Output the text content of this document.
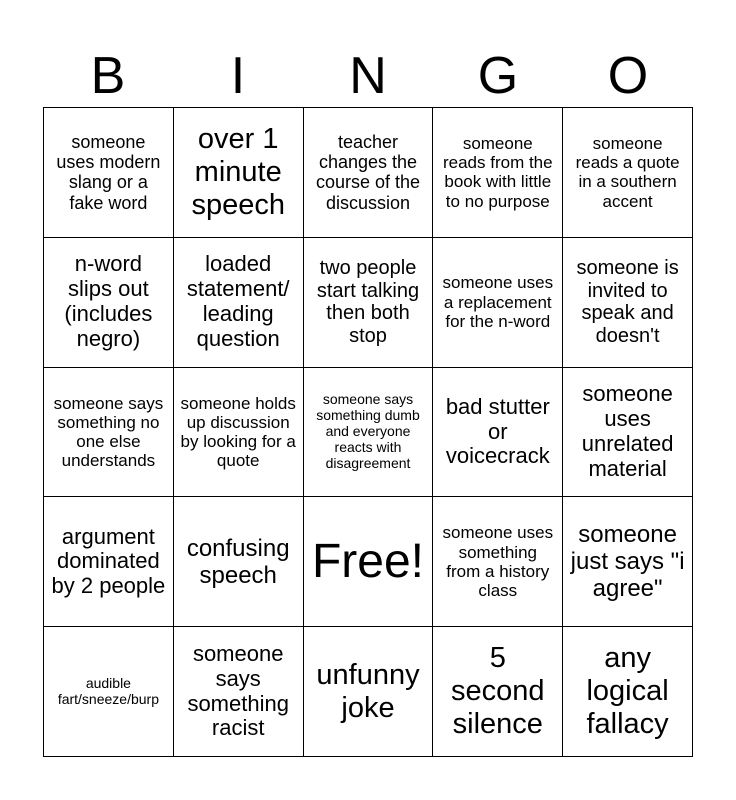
B	I	N	G	O
someone uses modern slang or a fake word
over 1 minute speech
teacher changes the course of the discussion
someone reads from the book with little to no purpose
someone reads a quote in a southern accent
n-word slips out (includes negro)
loaded statement/ leading question
two people start talking then both stop
someone uses a replacement for the n-word
someone is invited to speak and doesn't
someone says something no one else understands
someone holds up discussion by looking for a quote
someone says something dumb and everyone reacts with disagreement
bad stutter or voicecrack
someone uses unrelated material
argument dominated by 2 people
confusing speech Free!
someone uses something from a history class
someone just says "i agree"
audible fart/sneeze/burp
someone says something racist
unfunny joke
5 second silence
any logical fallacy
